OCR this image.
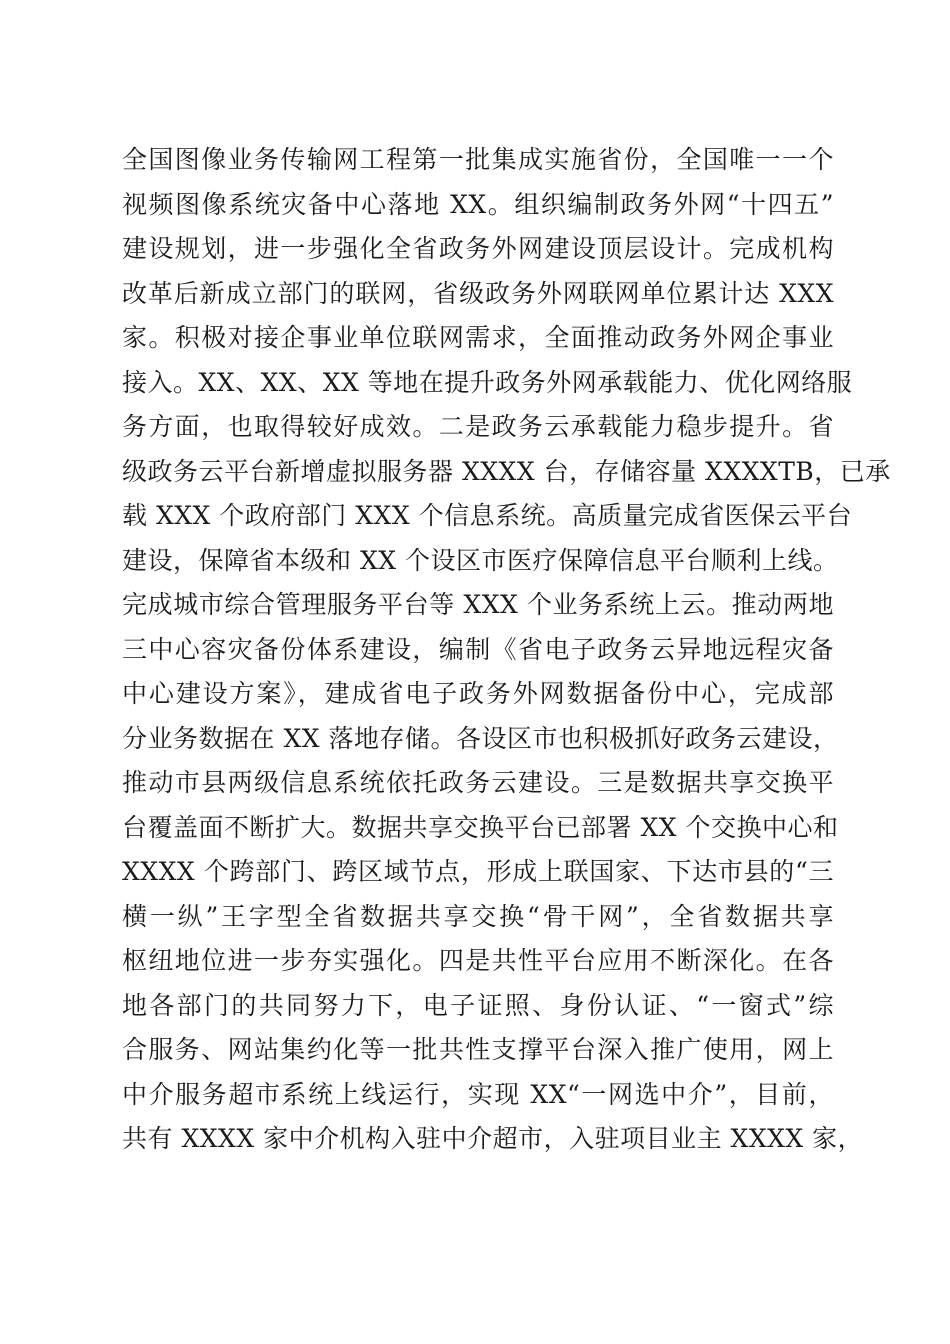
全国图像业务传输网工程第一批集成实施省份，全国唯一一个
视频图像系统灾备中心落地 XX。组织编制政务外网“十四五”
建设规划，进一步强化全省政务外网建设顶层设计。完成机构
改革后新成立部门的联网，省级政务外网联网单位累计达 XXX
家。积极对接企事业单位联网需求，全面推动政务外网企事业
接入。XX、XX、XX 等地在提升政务外网承载能力、优化网络服
务方面，也取得较好成效。二是政务云承载能力稳步提升。省
级政务云平台新增虚拟服务器 XXXX 台，存储容量 XXXXTB，已承
载 XXX 个政府部门 XXX 个信息系统。高质量完成省医保云平台
建设，保障省本级和 XX 个设区市医疗保障信息平台顺利上线。
完成城市综合管理服务平台等 XXX 个业务系统上云。推动两地
三中心容灾备份体系建设，编制《省电子政务云异地远程灾备
中心建设方案》，建成省电子政务外网数据备份中心，完成部
分业务数据在 XX 落地存储。各设区市也积极抓好政务云建设，
推动市县两级信息系统依托政务云建设。三是数据共享交换平
台覆盖面不断扩大。数据共享交换平台已部署 XX 个交换中心和
XXXX 个跨部门、跨区域节点，形成上联国家、下达市县的“三
横一纵”王字型全省数据共享交换“骨干网”，全省数据共享
枢纽地位进一步夯实强化。四是共性平台应用不断深化。在各
地各部门的共同努力下，电子证照、身份认证、“一窗式”综
合服务、网站集约化等一批共性支撑平台深入推广使用，网上
中介服务超市系统上线运行，实现 XX“一网选中介”，目前，
共有 XXXX 家中介机构入驻中介超市，入驻项目业主 XXXX 家，
